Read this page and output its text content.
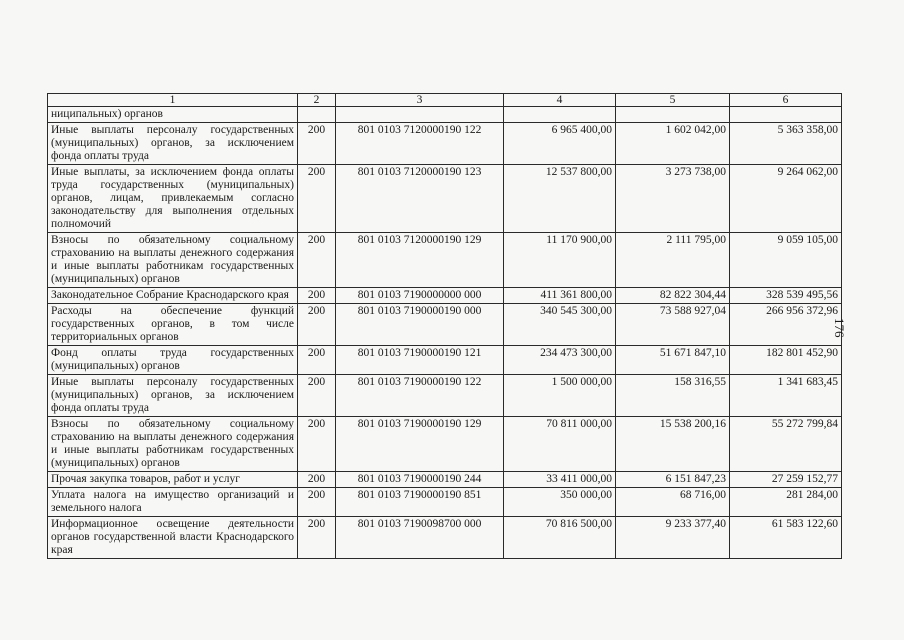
1	2	3	4	5	6
ниципальных) органов					
Иные выплаты персоналу государственных (муниципальных) органов, за исключением фонда оплаты труда	200	801 0103 7120000190 122	6 965 400,00	1 602 042,00	5 363 358,00
Иные выплаты, за исключением фонда оплаты труда государственных (муниципальных) органов, лицам, привлекаемым согласно законодательству для выполнения отдельных полномочий	200	801 0103 7120000190 123	12 537 800,00	3 273 738,00	9 264 062,00
Взносы по обязательному социальному страхованию на выплаты денежного содержания и иные выплаты работникам государственных (муниципальных) органов	200	801 0103 7120000190 129	11 170 900,00	2 111 795,00	9 059 105,00
Законодательное Собрание Краснодарского края	200	801 0103 7190000000 000	411 361 800,00	82 822 304,44	328 539 495,56
Расходы на обеспечение функций государственных органов, в том числе территориальных органов	200	801 0103 7190000190 000	340 545 300,00	73 588 927,04	266 956 372,96
Фонд оплаты труда государственных (муниципальных) органов	200	801 0103 7190000190 121	234 473 300,00	51 671 847,10	182 801 452,90
Иные выплаты персоналу государственных (муниципальных) органов, за исключением фонда оплаты труда	200	801 0103 7190000190 122	1 500 000,00	158 316,55	1 341 683,45
Взносы по обязательному социальному страхованию на выплаты денежного содержания и иные выплаты работникам государственных (муниципальных) органов	200	801 0103 7190000190 129	70 811 000,00	15 538 200,16	55 272 799,84
Прочая закупка товаров, работ и услуг	200	801 0103 7190000190 244	33 411 000,00	6 151 847,23	27 259 152,77
Уплата налога на имущество организаций и земельного налога	200	801 0103 7190000190 851	350 000,00	68 716,00	281 284,00
Информационное освещение деятельности органов государственной власти Краснодарского края	200	801 0103 7190098700 000	70 816 500,00	9 233 377,40	61 583 122,60
176
